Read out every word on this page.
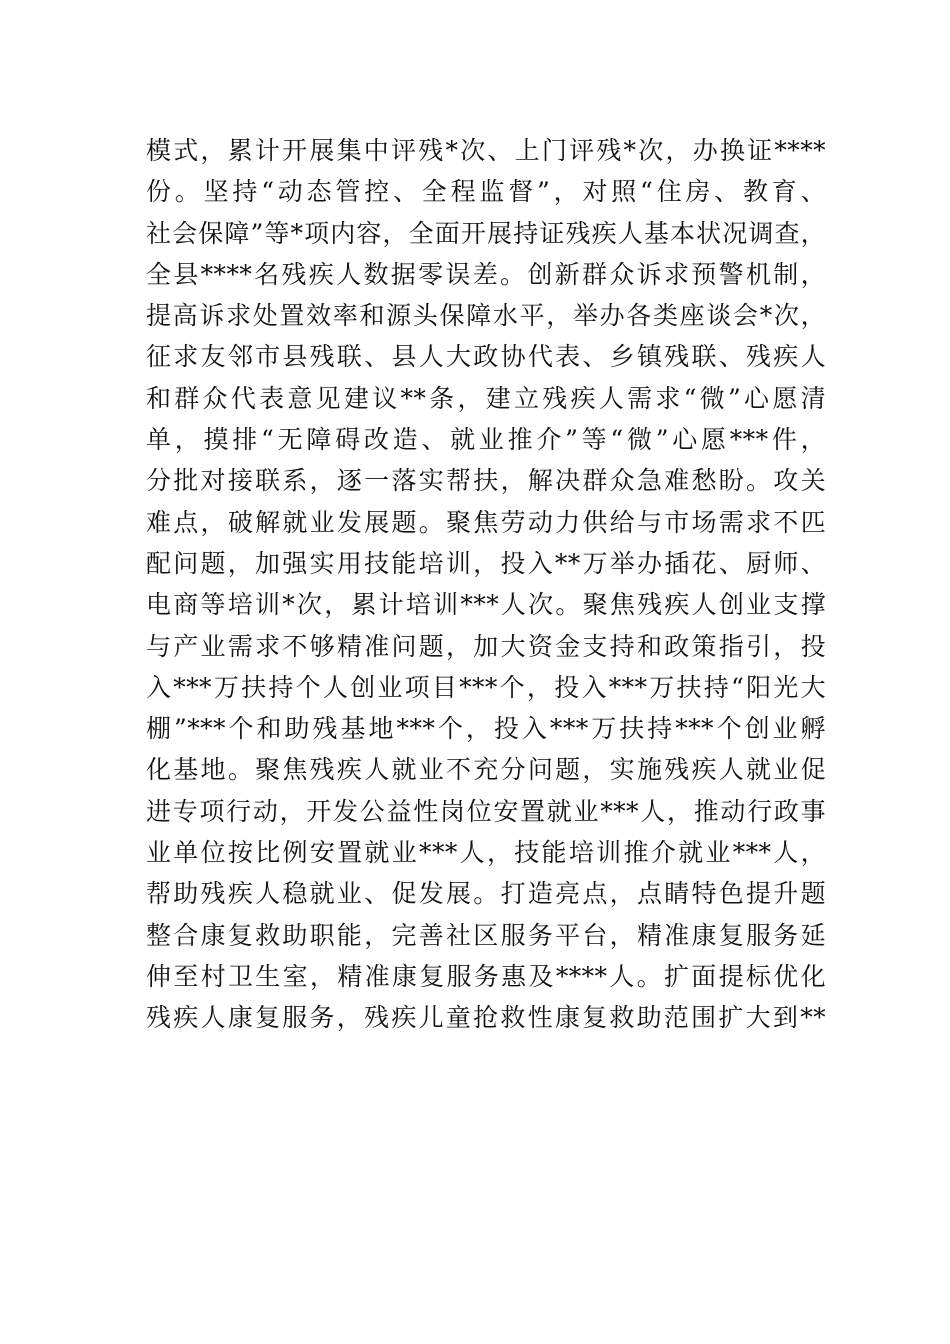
模式，累计开展集中评残*次、上门评残*次，办换证****
份。坚持“动态管控、全程监督”，对照“住房、教育、
社会保障”等*项内容，全面开展持证残疾人基本状况调查，
全县****名残疾人数据零误差。创新群众诉求预警机制，
提高诉求处置效率和源头保障水平，举办各类座谈会*次，
征求友邻市县残联、县人大政协代表、乡镇残联、残疾人
和群众代表意见建议**条，建立残疾人需求“微”心愿清
单，摸排“无障碍改造、就业推介”等“微”心愿***件，
分批对接联系，逐一落实帮扶，解决群众急难愁盼。攻关
难点，破解就业发展题。聚焦劳动力供给与市场需求不匹
配问题，加强实用技能培训，投入**万举办插花、厨师、
电商等培训*次，累计培训***人次。聚焦残疾人创业支撑
与产业需求不够精准问题，加大资金支持和政策指引，投
入***万扶持个人创业项目***个，投入***万扶持“阳光大
棚”***个和助残基地***个，投入***万扶持***个创业孵
化基地。聚焦残疾人就业不充分问题，实施残疾人就业促
进专项行动，开发公益性岗位安置就业***人，推动行政事
业单位按比例安置就业***人，技能培训推介就业***人，
帮助残疾人稳就业、促发展。打造亮点，点睛特色提升题
整合康复救助职能，完善社区服务平台，精准康复服务延
伸至村卫生室，精准康复服务惠及****人。扩面提标优化
残疾人康复服务，残疾儿童抢救性康复救助范围扩大到**
